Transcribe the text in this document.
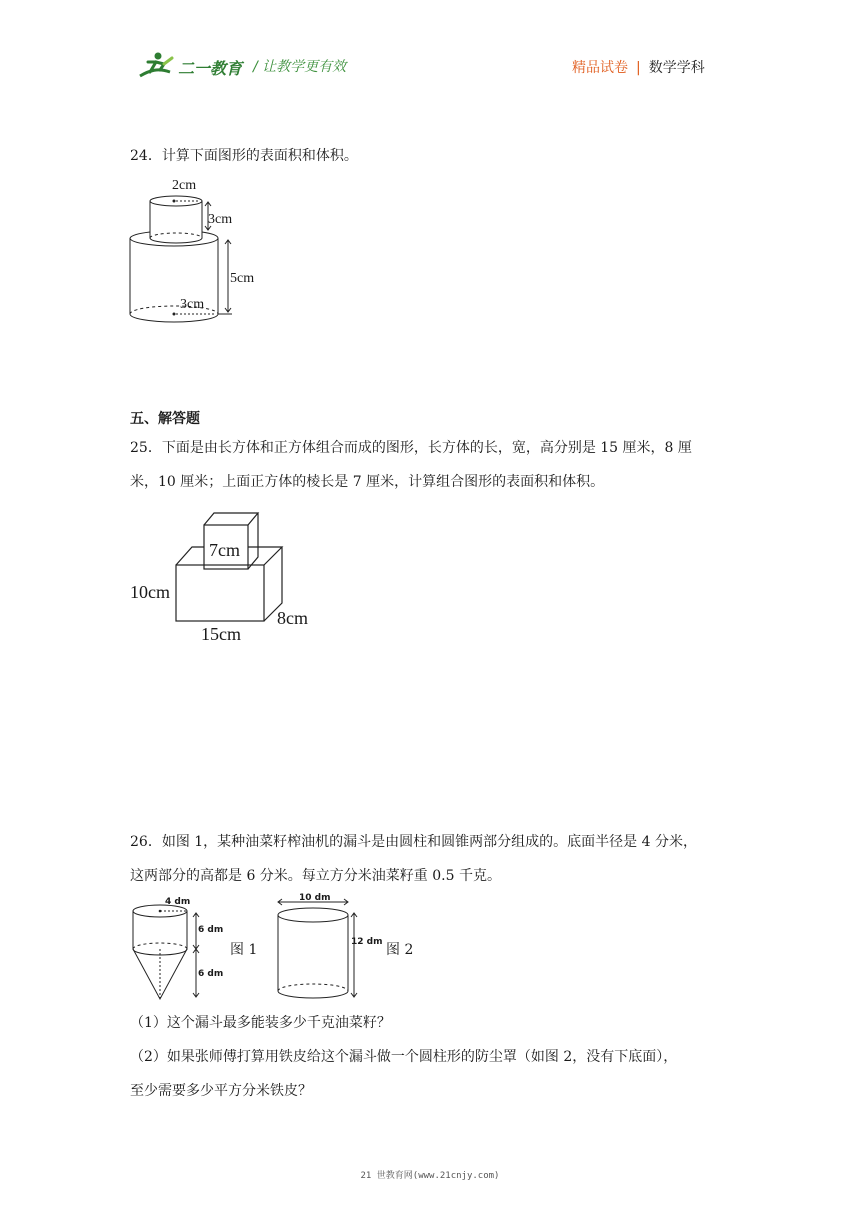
二一教育 / 让教学更有效	精品试卷 | 数学学科
24．计算下面图形的表面积和体积。
2cm
3cm
5cm
3cm
五、解答题
25．下面是由长方体和正方体组合而成的图形，长方体的长，宽，高分别是 15 厘米，8 厘
米，10 厘米；上面正方体的棱长是 7 厘米，计算组合图形的表面积和体积。
7cm
10cm
15cm
8cm
26．如图 1，某种油菜籽榨油机的漏斗是由圆柱和圆锥两部分组成的。底面半径是 4 分米，
这两部分的高都是 6 分米。每立方分米油菜籽重 0.5 千克。
4 dm
6 dm
6 dm
图 1
10 dm
12 dm 图 2
（1）这个漏斗最多能装多少千克油菜籽？
（2）如果张师傅打算用铁皮给这个漏斗做一个圆柱形的防尘罩（如图 2，没有下底面），
至少需要多少平方分米铁皮？
21 世教育网(www.21cnjy.com)
